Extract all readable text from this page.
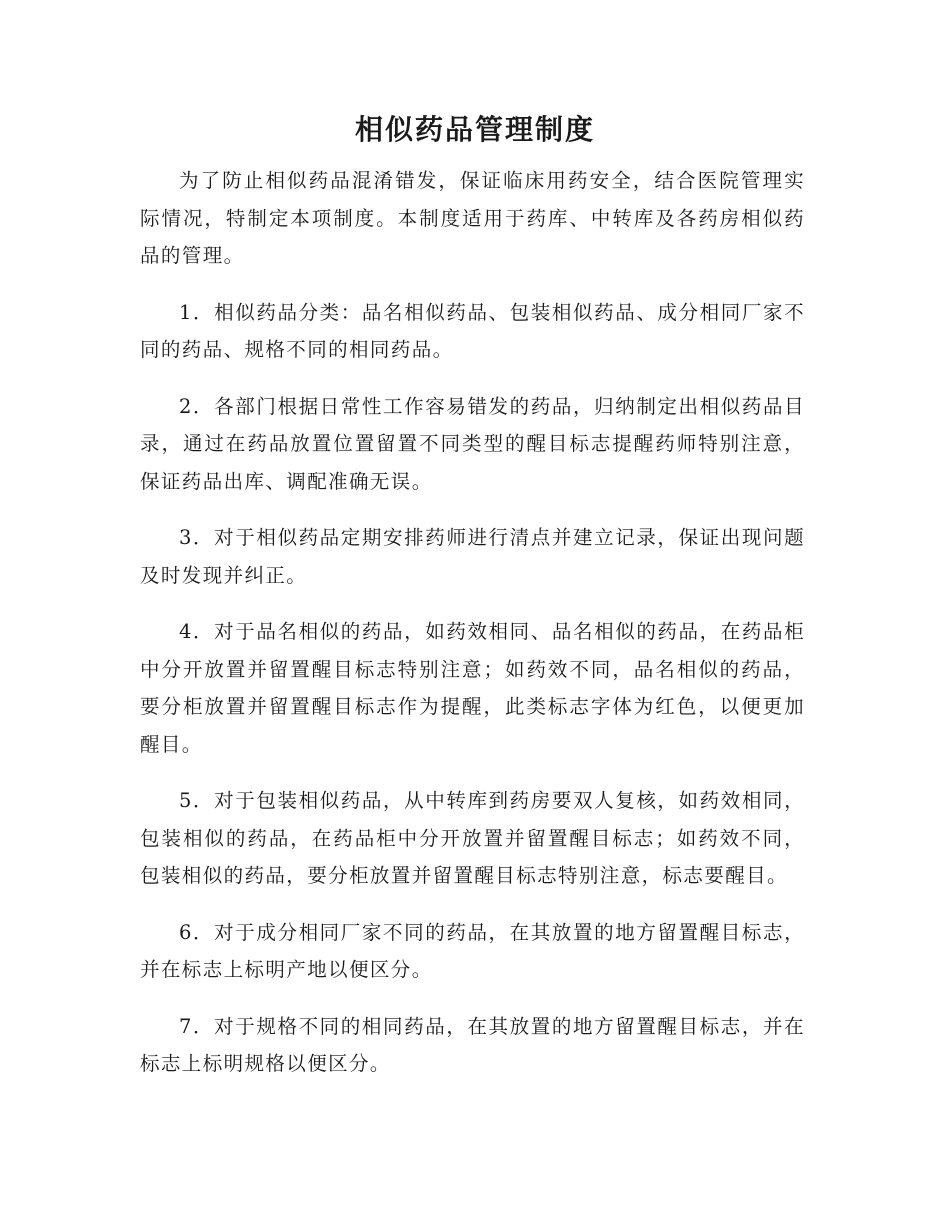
相似药品管理制度

为了防止相似药品混淆错发，保证临床用药安全，结合医院管理实际情况，特制定本项制度。本制度适用于药库、中转库及各药房相似药品的管理。

1．相似药品分类：品名相似药品、包装相似药品、成分相同厂家不同的药品、规格不同的相同药品。

2．各部门根据日常性工作容易错发的药品，归纳制定出相似药品目录，通过在药品放置位置留置不同类型的醒目标志提醒药师特别注意，保证药品出库、调配准确无误。

3．对于相似药品定期安排药师进行清点并建立记录，保证出现问题及时发现并纠正。

4．对于品名相似的药品，如药效相同、品名相似的药品，在药品柜中分开放置并留置醒目标志特别注意；如药效不同，品名相似的药品，要分柜放置并留置醒目标志作为提醒，此类标志字体为红色，以便更加醒目。

5．对于包装相似药品，从中转库到药房要双人复核，如药效相同，包装相似的药品，在药品柜中分开放置并留置醒目标志；如药效不同，包装相似的药品，要分柜放置并留置醒目标志特别注意，标志要醒目。

6．对于成分相同厂家不同的药品，在其放置的地方留置醒目标志，并在标志上标明产地以便区分。

7．对于规格不同的相同药品，在其放置的地方留置醒目标志，并在标志上标明规格以便区分。
